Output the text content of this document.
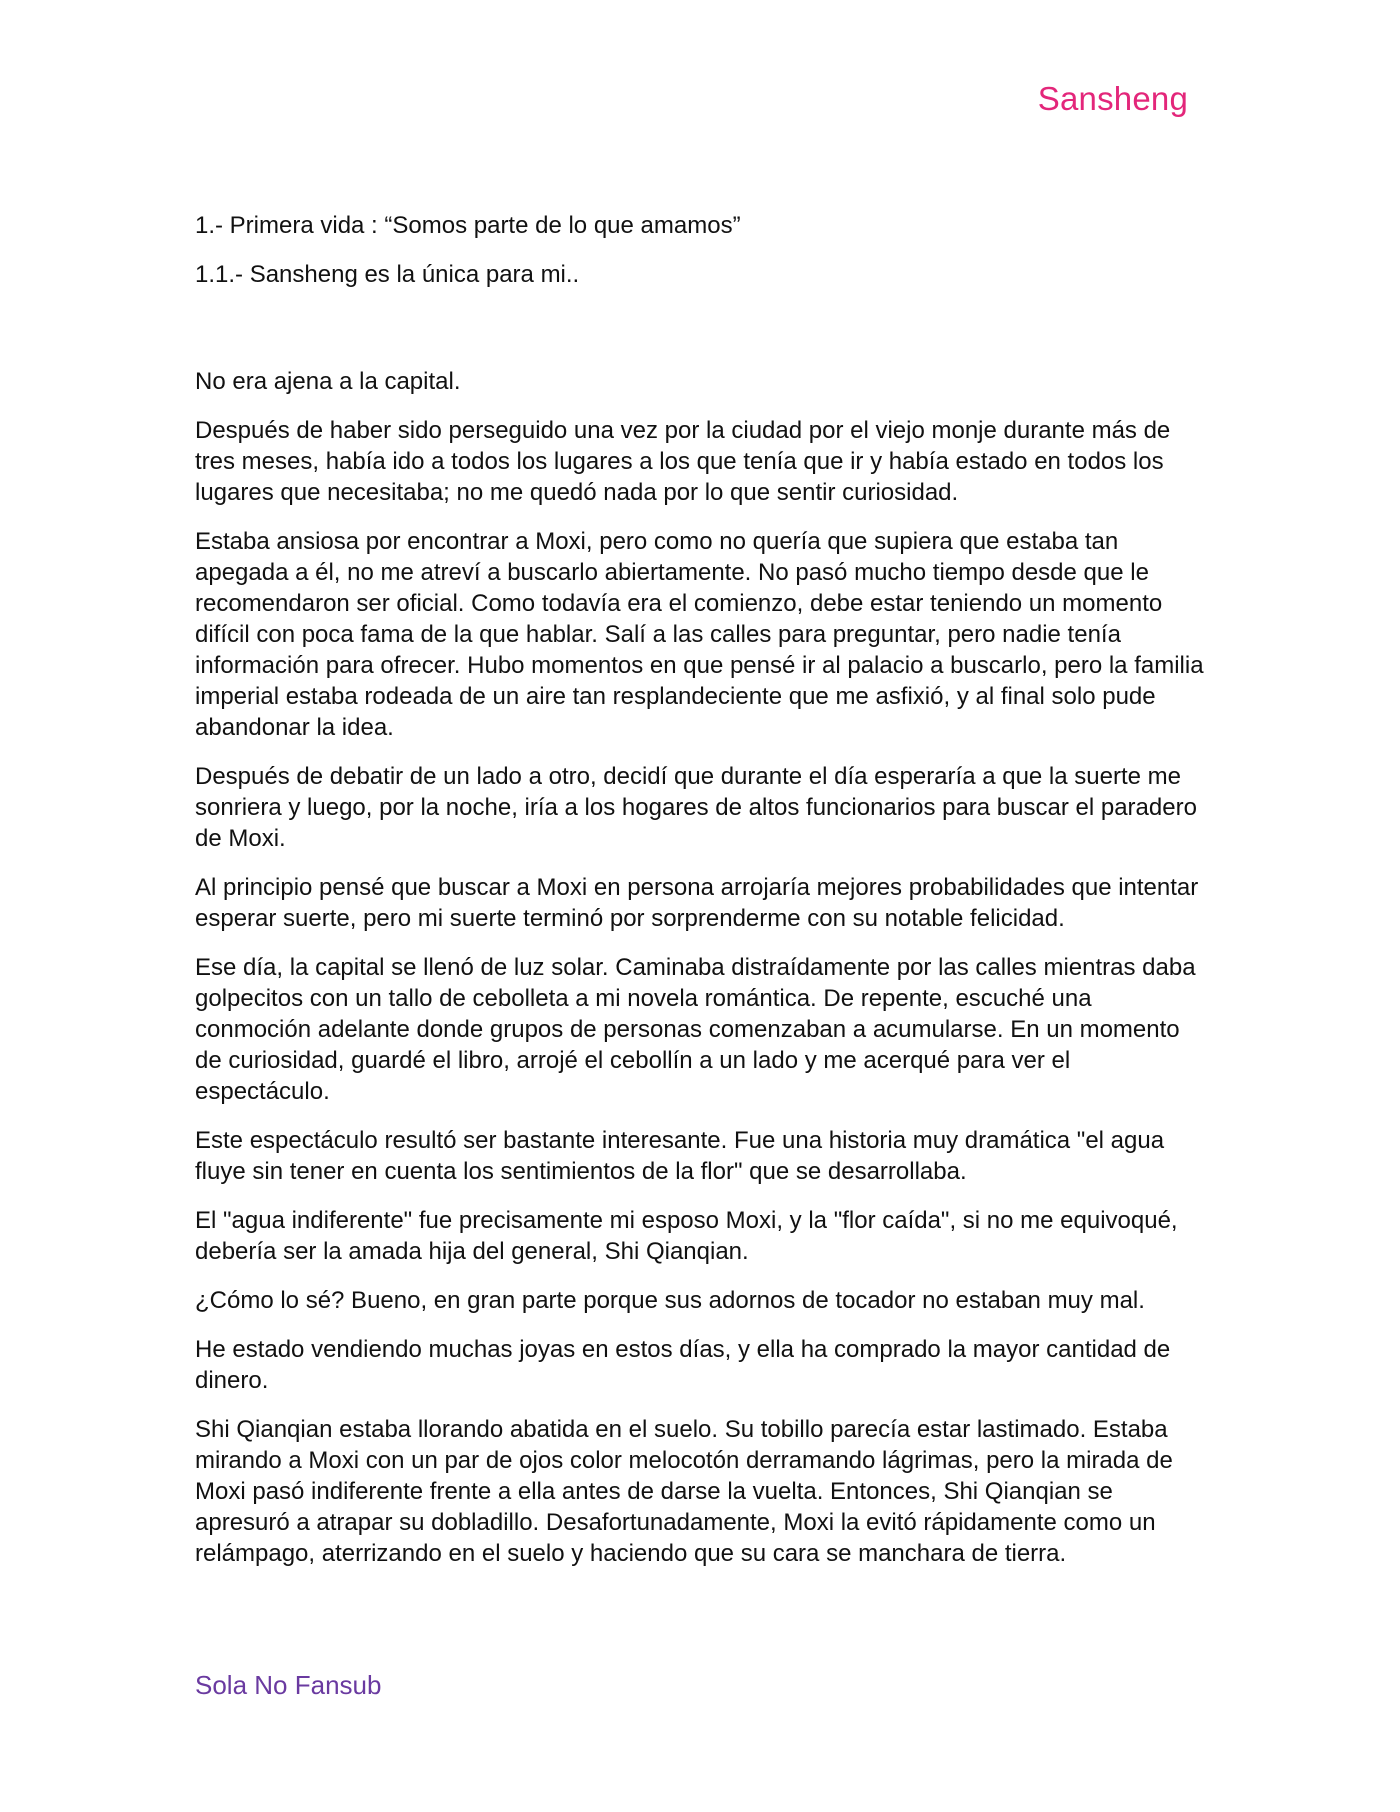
Sansheng
1.- Primera vida : “Somos parte de lo que amamos”
1.1.- Sansheng es la única para mi..

No era ajena a la capital.

Después de haber sido perseguido una vez por la ciudad por el viejo monje durante más de tres meses, había ido a todos los lugares a los que tenía que ir y había estado en todos los lugares que necesitaba; no me quedó nada por lo que sentir curiosidad.

Estaba ansiosa por encontrar a Moxi, pero como no quería que supiera que estaba tan apegada a él, no me atreví a buscarlo abiertamente. No pasó mucho tiempo desde que le recomendaron ser oficial. Como todavía era el comienzo, debe estar teniendo un momento difícil con poca fama de la que hablar. Salí a las calles para preguntar, pero nadie tenía información para ofrecer. Hubo momentos en que pensé ir al palacio a buscarlo, pero la familia imperial estaba rodeada de un aire tan resplandeciente que me asfixió, y al final solo pude abandonar la idea.

Después de debatir de un lado a otro, decidí que durante el día esperaría a que la suerte me sonriera y luego, por la noche, iría a los hogares de altos funcionarios para buscar el paradero de Moxi.

Al principio pensé que buscar a Moxi en persona arrojaría mejores probabilidades que intentar esperar suerte, pero mi suerte terminó por sorprenderme con su notable felicidad.

Ese día, la capital se llenó de luz solar. Caminaba distraídamente por las calles mientras daba golpecitos con un tallo de cebolleta a mi novela romántica. De repente, escuché una conmoción adelante donde grupos de personas comenzaban a acumularse. En un momento de curiosidad, guardé el libro, arrojé el cebollín a un lado y me acerqué para ver el espectáculo.

Este espectáculo resultó ser bastante interesante. Fue una historia muy dramática "el agua fluye sin tener en cuenta los sentimientos de la flor" que se desarrollaba.

El "agua indiferente" fue precisamente mi esposo Moxi, y la "flor caída", si no me equivoqué, debería ser la amada hija del general, Shi Qianqian.

¿Cómo lo sé? Bueno, en gran parte porque sus adornos de tocador no estaban muy mal.

He estado vendiendo muchas joyas en estos días, y ella ha comprado la mayor cantidad de dinero.

Shi Qianqian estaba llorando abatida en el suelo. Su tobillo parecía estar lastimado. Estaba mirando a Moxi con un par de ojos color melocotón derramando lágrimas, pero la mirada de Moxi pasó indiferente frente a ella antes de darse la vuelta. Entonces, Shi Qianqian se apresuró a atrapar su dobladillo. Desafortunadamente, Moxi la evitó rápidamente como un relámpago, aterrizando en el suelo y haciendo que su cara se manchara de tierra.

Sola No Fansub
